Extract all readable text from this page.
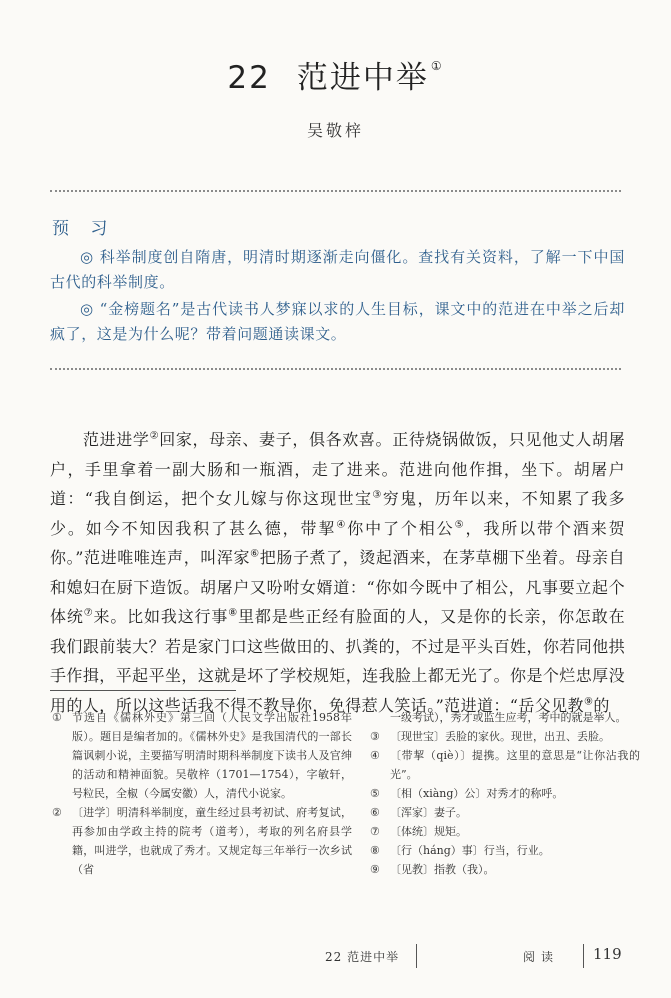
22 范进中举 ①
吴敬梓
预 习

◎ 科举制度创自隋唐，明清时期逐渐走向僵化。查找有关资料，了解一下中国古代的科举制度。

◎ “金榜题名”是古代读书人梦寐以求的人生目标，课文中的范进在中举之后却疯了，这是为什么呢？带着问题通读课文。

范进进学②回家，母亲、妻子，俱各欢喜。正待烧锅做饭，只见他丈人胡屠户，手里拿着一副大肠和一瓶酒，走了进来。范进向他作揖，坐下。胡屠户道：“我自倒运，把个女儿嫁与你这现世宝③穷鬼，历年以来，不知累了我多少。如今不知因我积了甚么德，带挈④你中了个相公⑤，我所以带个酒来贺你。”范进唯唯连声，叫浑家⑥把肠子煮了，烫起酒来，在茅草棚下坐着。母亲自和媳妇在厨下造饭。胡屠户又吩咐女婿道：“你如今既中了相公，凡事要立起个体统⑦来。比如我这行事⑧里都是些正经有脸面的人，又是你的长亲，你怎敢在我们跟前装大？若是家门口这些做田的、扒粪的，不过是平头百姓，你若同他拱手作揖，平起平坐，这就是坏了学校规矩，连我脸上都无光了。你是个烂忠厚没用的人，所以这些话我不得不教导你，免得惹人笑话。”范进道：“岳父见教⑨的

① 节选自《儒林外史》第三回（人民文学出版社1958年版）。题目是编者加的。《儒林外史》是我国清代的一部长篇讽刺小说，主要描写明清时期科举制度下读书人及官绅的活动和精神面貌。吴敬梓（1701—1754），字敏轩，号粒民，全椒（今属安徽）人，清代小说家。
② 〔进学〕明清科举制度，童生经过县考初试、府考复试，再参加由学政主持的院考（道考），考取的列名府县学籍，叫进学，也就成了秀才。又规定每三年举行一次乡试（省
一级考试），秀才或监生应考，考中的就是举人。
③ 〔现世宝〕丢脸的家伙。现世，出丑、丢脸。
④ 〔带挈（qiè）〕提携。这里的意思是“让你沾我的光”。
⑤ 〔相（xiàng）公〕对秀才的称呼。
⑥ 〔浑家〕妻子。
⑦ 〔体统〕规矩。
⑧ 〔行（háng）事〕行当，行业。
⑨ 〔见教〕指教（我）。
22 范进中举	阅读 119
